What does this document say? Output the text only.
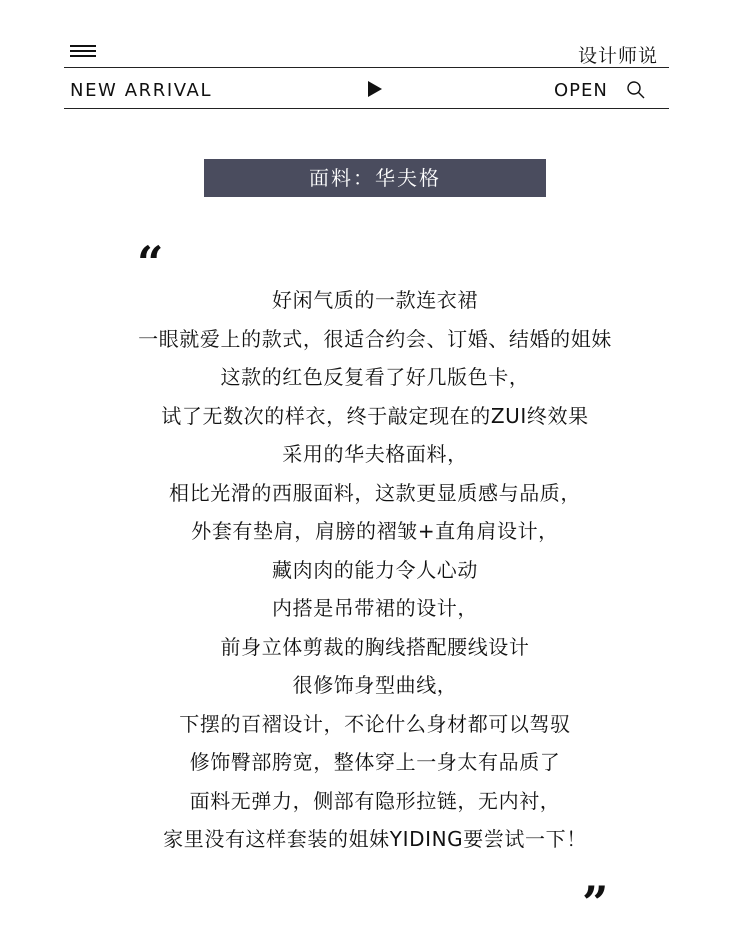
设计师说
NEW ARRIVAL	OPEN
面料：华夫格
“
好闲气质的一款连衣裙
一眼就爱上的款式，很适合约会、订婚、结婚的姐妹
这款的红色反复看了好几版色卡，
试了无数次的样衣，终于敲定现在的ZUI终效果
采用的华夫格面料，
相比光滑的西服面料，这款更显质感与品质，
外套有垫肩，肩膀的褶皱+直角肩设计，
藏肉肉的能力令人心动
内搭是吊带裙的设计，
前身立体剪裁的胸线搭配腰线设计
很修饰身型曲线，
下摆的百褶设计，不论什么身材都可以驾驭
修饰臀部胯宽，整体穿上一身太有品质了
面料无弹力，侧部有隐形拉链，无内衬，
家里没有这样套装的姐妹YIDING要尝试一下！
”
